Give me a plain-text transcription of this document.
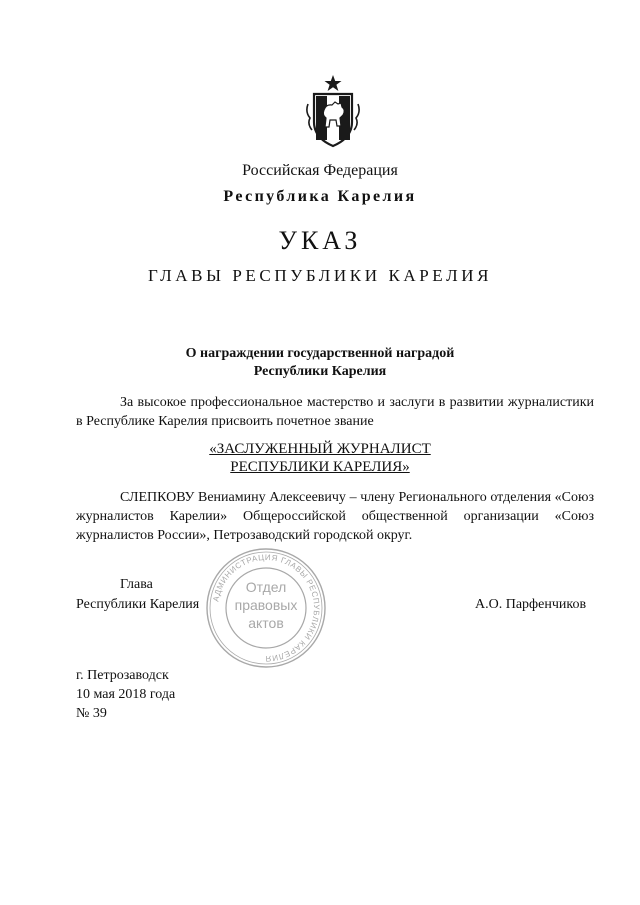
Российская Федерация
Республика Карелия
УКАЗ
ГЛАВЫ РЕСПУБЛИКИ КАРЕЛИЯ
О награждении государственной наградой
Республики Карелия
За высокое профессиональное мастерство и заслуги в развитии журналистики в Республике Карелия присвоить почетное звание
«ЗАСЛУЖЕННЫЙ ЖУРНАЛИСТ
РЕСПУБЛИКИ КАРЕЛИЯ»
СЛЕПКОВУ Вениамину Алексеевичу – члену Регионального отделения «Союз журналистов Карелии» Общероссийской общественной организации «Союз журналистов России», Петрозаводский городской округ.
Глава
Республики Карелия	А.О. Парфенчиков
АДМИНИСТРАЦИЯ ГЛАВЫ РЕСПУБЛИКИ КАРЕЛИЯ
Отдел
правовых
актов
г. Петрозаводск
10 мая 2018 года
№ 39
